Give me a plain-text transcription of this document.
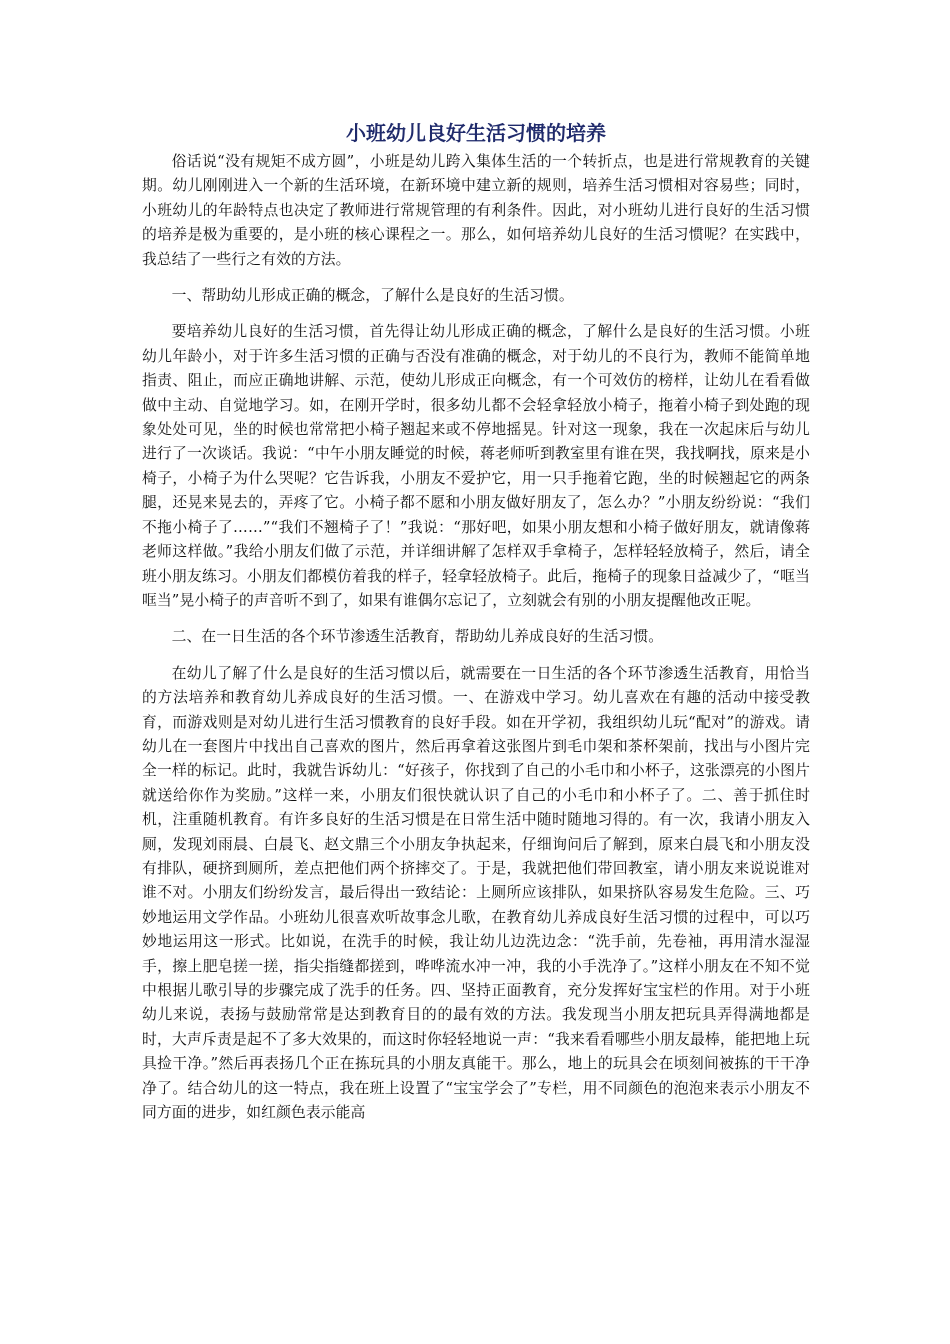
小班幼儿良好生活习惯的培养

俗话说“没有规矩不成方圆”，小班是幼儿跨入集体生活的一个转折点，也是进行常规教育的关键期。幼儿刚刚进入一个新的生活环境，在新环境中建立新的规则，培养生活习惯相对容易些；同时，小班幼儿的年龄特点也决定了教师进行常规管理的有利条件。因此，对小班幼儿进行良好的生活习惯的培养是极为重要的，是小班的核心课程之一。那么，如何培养幼儿良好的生活习惯呢？在实践中，我总结了一些行之有效的方法。

一、帮助幼儿形成正确的概念，了解什么是良好的生活习惯。

要培养幼儿良好的生活习惯，首先得让幼儿形成正确的概念，了解什么是良好的生活习惯。小班幼儿年龄小，对于许多生活习惯的正确与否没有准确的概念，对于幼儿的不良行为，教师不能简单地指责、阻止，而应正确地讲解、示范，使幼儿形成正向概念，有一个可效仿的榜样，让幼儿在看看做做中主动、自觉地学习。如，在刚开学时，很多幼儿都不会轻拿轻放小椅子，拖着小椅子到处跑的现象处处可见，坐的时候也常常把小椅子翘起来或不停地摇晃。针对这一现象，我在一次起床后与幼儿进行了一次谈话。我说：“中午小朋友睡觉的时候，蒋老师听到教室里有谁在哭，我找啊找，原来是小椅子，小椅子为什么哭呢？它告诉我，小朋友不爱护它，用一只手拖着它跑，坐的时候翘起它的两条腿，还晃来晃去的，弄疼了它。小椅子都不愿和小朋友做好朋友了，怎么办？”小朋友纷纷说：“我们不拖小椅子了……”“我们不翘椅子了！”我说：“那好吧，如果小朋友想和小椅子做好朋友，就请像蒋老师这样做。”我给小朋友们做了示范，并详细讲解了怎样双手拿椅子，怎样轻轻放椅子，然后，请全班小朋友练习。小朋友们都模仿着我的样子，轻拿轻放椅子。此后，拖椅子的现象日益减少了，“哐当哐当”晃小椅子的声音听不到了，如果有谁偶尔忘记了，立刻就会有别的小朋友提醒他改正呢。

二、在一日生活的各个环节渗透生活教育，帮助幼儿养成良好的生活习惯。

在幼儿了解了什么是良好的生活习惯以后，就需要在一日生活的各个环节渗透生活教育，用恰当的方法培养和教育幼儿养成良好的生活习惯。一、在游戏中学习。幼儿喜欢在有趣的活动中接受教育，而游戏则是对幼儿进行生活习惯教育的良好手段。如在开学初，我组织幼儿玩“配对”的游戏。请幼儿在一套图片中找出自己喜欢的图片，然后再拿着这张图片到毛巾架和茶杯架前，找出与小图片完全一样的标记。此时，我就告诉幼儿：“好孩子，你找到了自己的小毛巾和小杯子，这张漂亮的小图片就送给你作为奖励。”这样一来，小朋友们很快就认识了自己的小毛巾和小杯子了。二、善于抓住时机，注重随机教育。有许多良好的生活习惯是在日常生活中随时随地习得的。有一次，我请小朋友入厕，发现刘雨晨、白晨飞、赵文鼎三个小朋友争执起来，仔细询问后了解到，原来白晨飞和小朋友没有排队，硬挤到厕所，差点把他们两个挤摔交了。于是，我就把他们带回教室，请小朋友来说说谁对谁不对。小朋友们纷纷发言，最后得出一致结论：上厕所应该排队，如果挤队容易发生危险。三、巧妙地运用文学作品。小班幼儿很喜欢听故事念儿歌，在教育幼儿养成良好生活习惯的过程中，可以巧妙地运用这一形式。比如说，在洗手的时候，我让幼儿边洗边念：“洗手前，先卷袖，再用清水湿湿手，擦上肥皂搓一搓，指尖指缝都搓到，哗哗流水冲一冲，我的小手洗净了。”这样小朋友在不知不觉中根据儿歌引导的步骤完成了洗手的任务。四、坚持正面教育，充分发挥好宝宝栏的作用。对于小班幼儿来说，表扬与鼓励常常是达到教育目的的最有效的方法。我发现当小朋友把玩具弄得满地都是时，大声斥责是起不了多大效果的，而这时你轻轻地说一声：“我来看看哪些小朋友最棒，能把地上玩具捡干净。”然后再表扬几个正在拣玩具的小朋友真能干。那么，地上的玩具会在顷刻间被拣的干干净净了。结合幼儿的这一特点，我在班上设置了“宝宝学会了”专栏，用不同颜色的泡泡来表示小朋友不同方面的进步，如红颜色表示能高
